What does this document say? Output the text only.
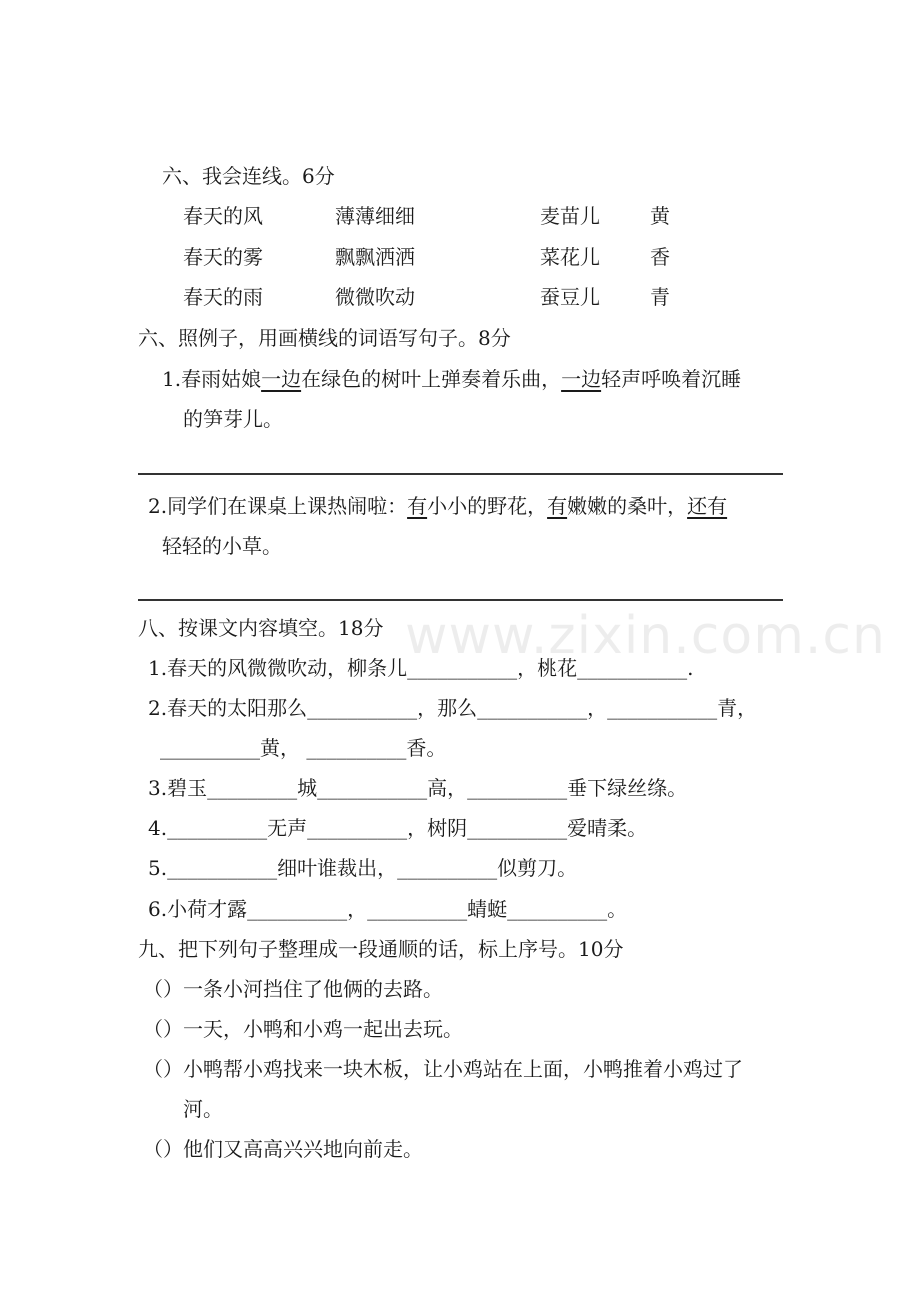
www.zixin.com.cn
六、我会连线。6分
春天的风	薄薄细细	麦苗儿	黄
春天的雾	飘飘洒洒	菜花儿	香
春天的雨	微微吹动	蚕豆儿	青
六、照例子，用画横线的词语写句子。8分
1.春雨姑娘一边在绿色的树叶上弹奏着乐曲，一边轻声呼唤着沉睡
的笋芽儿。
2.同学们在课桌上课热闹啦：有小小的野花，有嫩嫩的桑叶，还有
轻轻的小草。
八、按课文内容填空。18分
1.春天的风微微吹动，柳条儿___________，桃花___________.
2.春天的太阳那么___________，那么___________，___________青，
__________黄， __________香。
3.碧玉_________城___________高，__________垂下绿丝绦。
4.__________无声__________，树阴__________爱晴柔。
5.___________细叶谁裁出，__________似剪刀。
6.小荷才露__________，__________蜻蜓__________。
九、把下列句子整理成一段通顺的话，标上序号。10分
（）一条小河挡住了他俩的去路。
（）一天，小鸭和小鸡一起出去玩。
（）小鸭帮小鸡找来一块木板，让小鸡站在上面，小鸭推着小鸡过了
河。
（）他们又高高兴兴地向前走。
